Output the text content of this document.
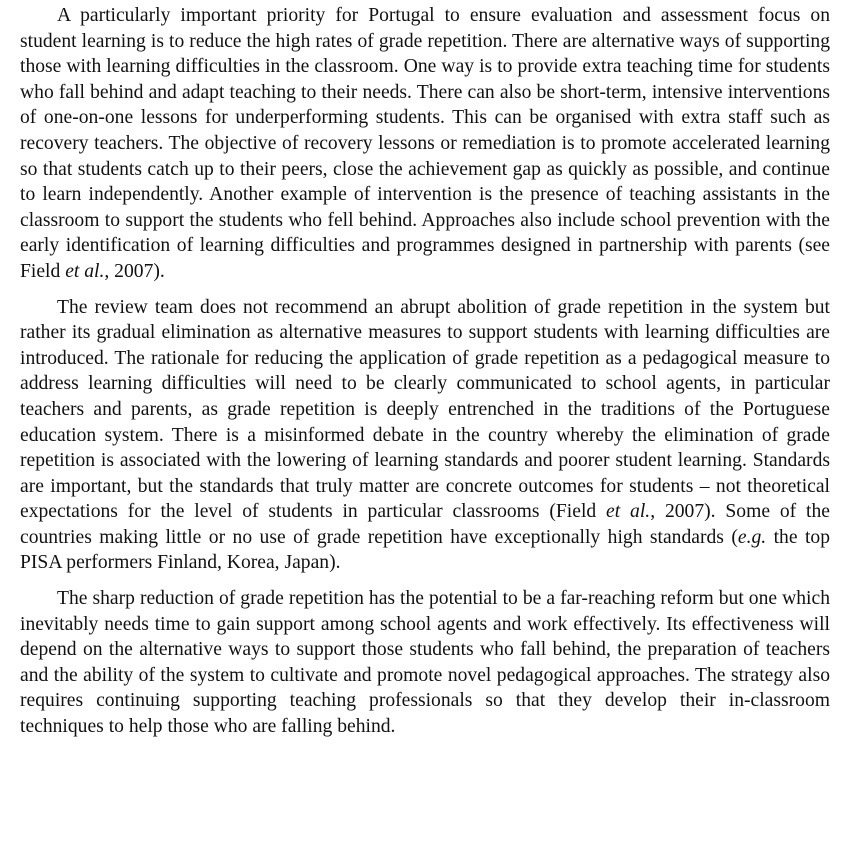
A particularly important priority for Portugal to ensure evaluation and assessment focus on student learning is to reduce the high rates of grade repetition. There are alternative ways of supporting those with learning difficulties in the classroom. One way is to provide extra teaching time for students who fall behind and adapt teaching to their needs. There can also be short-term, intensive interventions of one-on-one lessons for underperforming students. This can be organised with extra staff such as recovery teachers. The objective of recovery lessons or remediation is to promote accelerated learning so that students catch up to their peers, close the achievement gap as quickly as possible, and continue to learn independently. Another example of intervention is the presence of teaching assistants in the classroom to support the students who fell behind. Approaches also include school prevention with the early identification of learning difficulties and programmes designed in partnership with parents (see Field et al., 2007).

The review team does not recommend an abrupt abolition of grade repetition in the system but rather its gradual elimination as alternative measures to support students with learning difficulties are introduced. The rationale for reducing the application of grade repetition as a pedagogical measure to address learning difficulties will need to be clearly communicated to school agents, in particular teachers and parents, as grade repetition is deeply entrenched in the traditions of the Portuguese education system. There is a misinformed debate in the country whereby the elimination of grade repetition is associated with the lowering of learning standards and poorer student learning. Standards are important, but the standards that truly matter are concrete outcomes for students – not theoretical expectations for the level of students in particular classrooms (Field et al., 2007). Some of the countries making little or no use of grade repetition have exceptionally high standards (e.g. the top PISA performers Finland, Korea, Japan).

The sharp reduction of grade repetition has the potential to be a far-reaching reform but one which inevitably needs time to gain support among school agents and work effectively. Its effectiveness will depend on the alternative ways to support those students who fall behind, the preparation of teachers and the ability of the system to cultivate and promote novel pedagogical approaches. The strategy also requires continuing supporting teaching professionals so that they develop their in-classroom techniques to help those who are falling behind.
